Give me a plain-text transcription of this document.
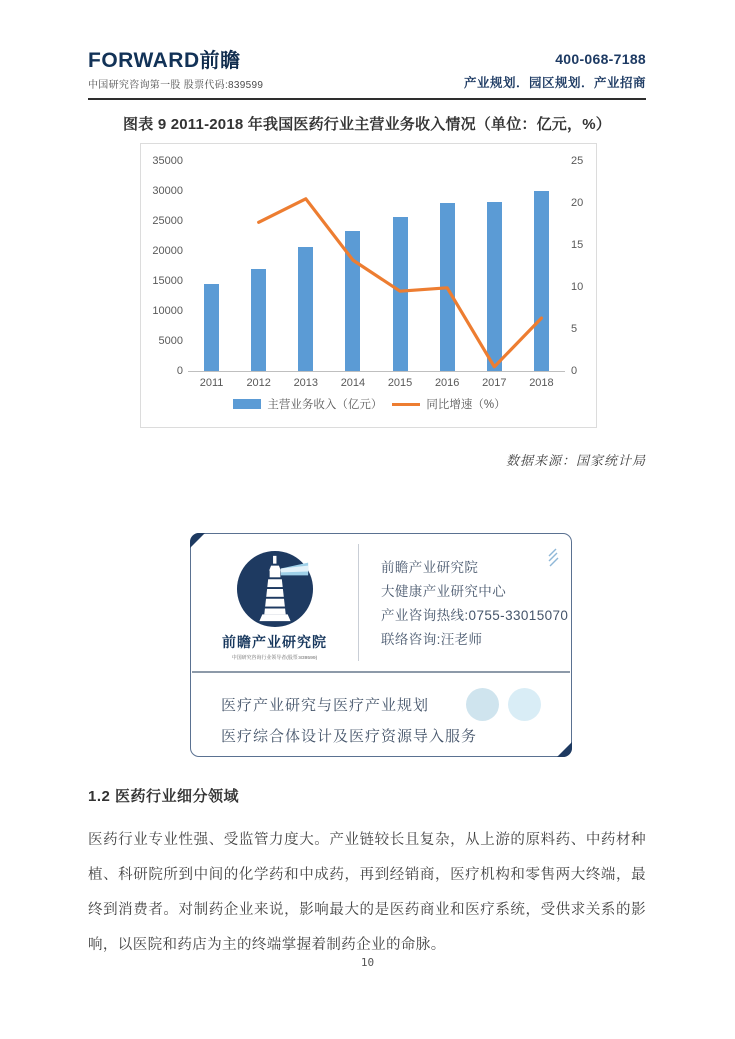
FORWARD前瞻
中国研究咨询第一股 股票代码:839599
400-068-7188
产业规划．园区规划．产业招商
图表 9 2011-2018 年我国医药行业主营业务收入情况（单位：亿元，%）
0
5000
10000
15000
20000
25000
30000
35000
0
5
10
15
20
25
2011	2012	2013	2014	2015	2016	2017	2018
主营业务收入（亿元）	同比增速（%）
数据来源：国家统计局
前瞻产业研究院
中国研究咨询行业领导者(股票:839599)
前瞻产业研究院
大健康产业研究中心
产业咨询热线:0755-33015070
联络咨询:汪老师
医疗产业研究与医疗产业规划
医疗综合体设计及医疗资源导入服务
1.2 医药行业细分领域
医药行业专业性强、受监管力度大。产业链较长且复杂，从上游的原料药、中药材种植、科研院所到中间的化学药和中成药，再到经销商，医疗机构和零售两大终端，最终到消费者。对制药企业来说，影响最大的是医药商业和医疗系统，受供求关系的影响，以医院和药店为主的终端掌握着制药企业的命脉。
10
